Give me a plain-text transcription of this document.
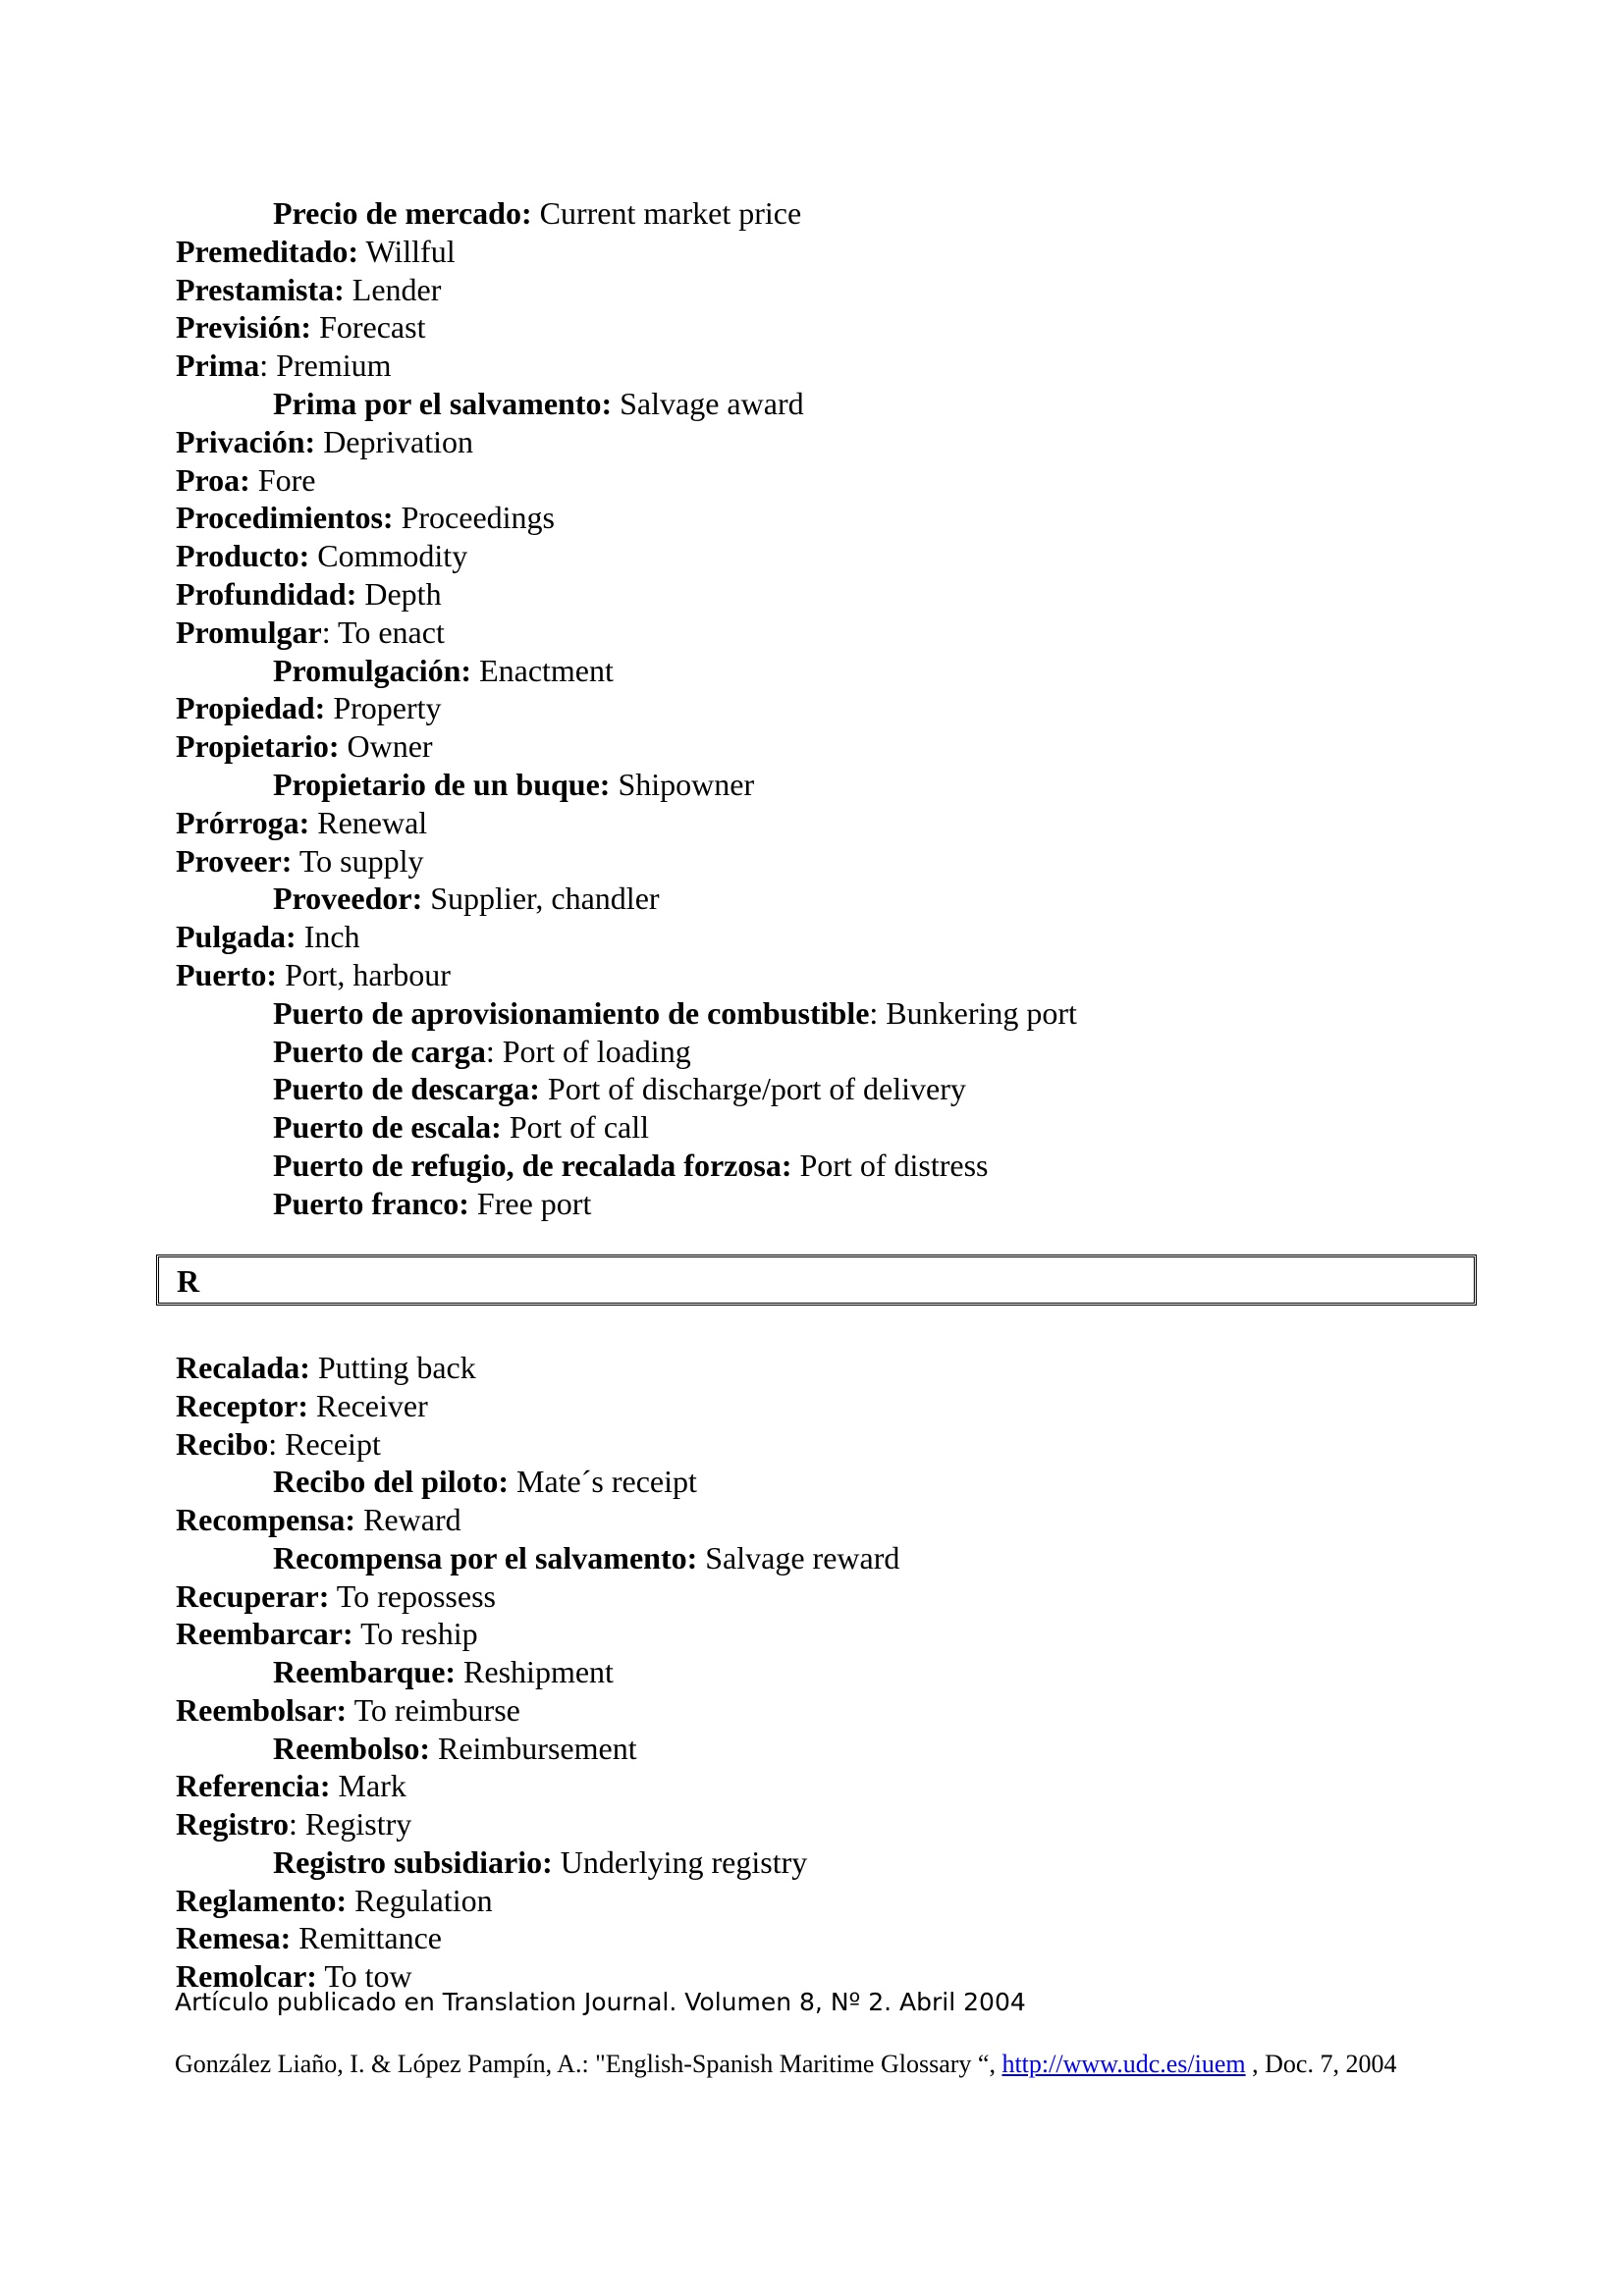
Precio de mercado: Current market price
Premeditado: Willful
Prestamista: Lender
Previsión: Forecast
Prima: Premium
Prima por el salvamento: Salvage award
Privación: Deprivation
Proa: Fore
Procedimientos: Proceedings
Producto: Commodity
Profundidad: Depth
Promulgar: To enact
Promulgación: Enactment
Propiedad: Property
Propietario: Owner
Propietario de un buque: Shipowner
Prórroga: Renewal
Proveer: To supply
Proveedor: Supplier, chandler
Pulgada: Inch
Puerto: Port, harbour
Puerto de aprovisionamiento de combustible: Bunkering port
Puerto de carga: Port of loading
Puerto de descarga: Port of discharge/port of delivery
Puerto de escala: Port of call
Puerto de refugio, de recalada forzosa: Port of distress
Puerto franco: Free port
R
Recalada: Putting back
Receptor: Receiver
Recibo: Receipt
Recibo del piloto: Mate´s receipt
Recompensa: Reward
Recompensa por el salvamento: Salvage reward
Recuperar: To repossess
Reembarcar: To reship
Reembarque: Reshipment
Reembolsar: To reimburse
Reembolso: Reimbursement
Referencia: Mark
Registro: Registry
Registro subsidiario: Underlying registry
Reglamento: Regulation
Remesa: Remittance
Remolcar: To tow
Artículo publicado en Translation Journal. Volumen 8, Nº 2. Abril 2004
González Liaño, I. & López Pampín, A.: "English-Spanish Maritime Glossary “, http://www.udc.es/iuem , Doc. 7, 2004
